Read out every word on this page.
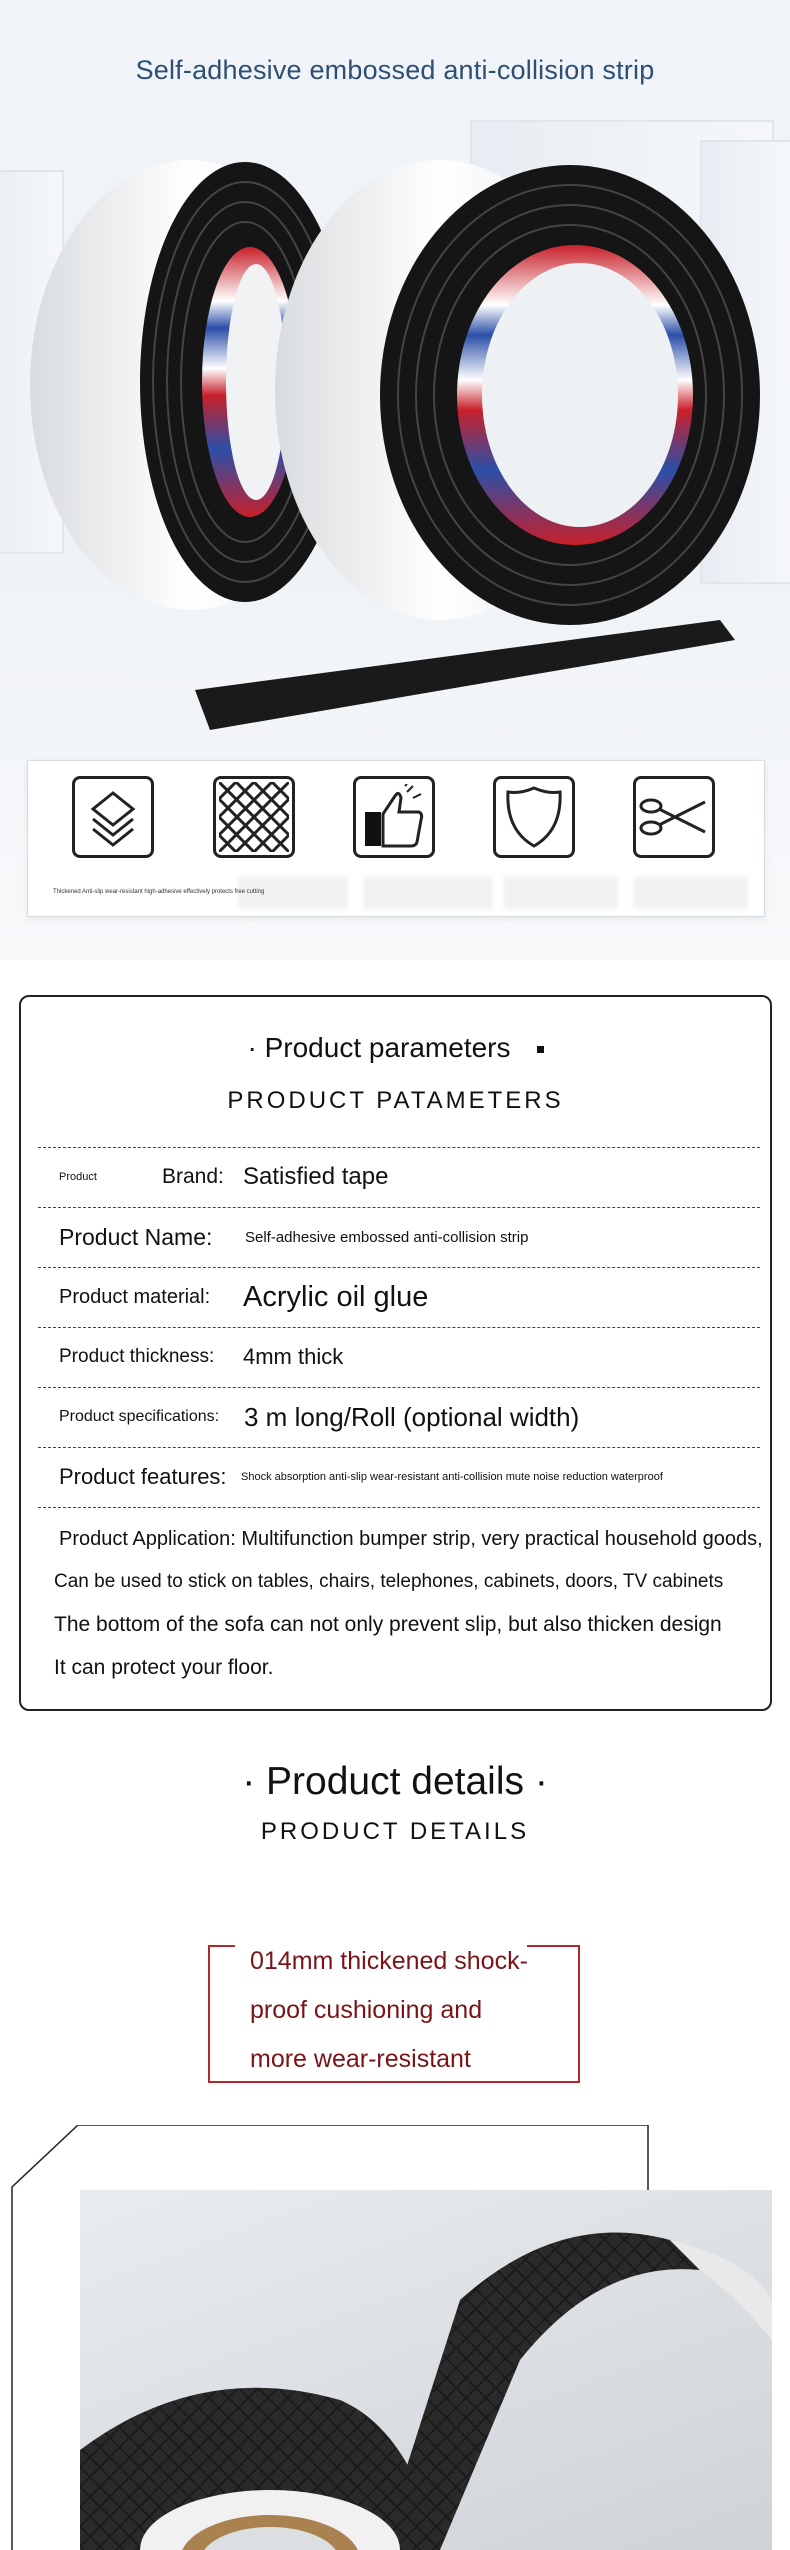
Self-adhesive embossed anti-collision strip
Thickened Anti-slip wear-resistant high-adhesive effectively protects free cutting
· Product parameters
PRODUCT PATAMETERS
Product	Brand: Satisfied tape
Product Name: Self-adhesive embossed anti-collision strip
Product material: Acrylic oil glue
Product thickness: 4mm thick
Product specifications: 3 m long/Roll (optional width)
Product features: Shock absorption anti-slip wear-resistant anti-collision mute noise reduction waterproof

Product Application: Multifunction bumper strip, very practical household goods,

Can be used to stick on tables, chairs, telephones, cabinets, doors, TV cabinets

The bottom of the sofa can not only prevent slip, but also thicken design

It can protect your floor.

· Product details ·
PRODUCT DETAILS
014mm thickened shock-
proof cushioning and
more wear-resistant
